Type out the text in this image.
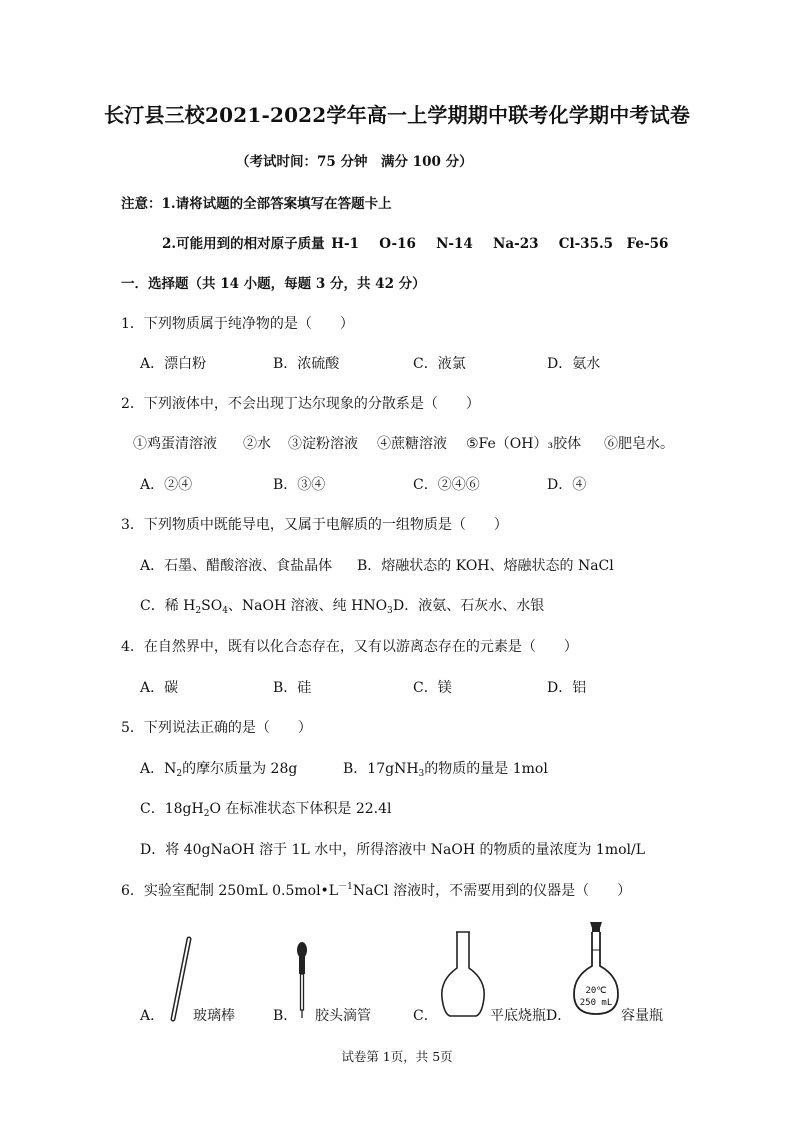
长汀县三校2021-2022学年高一上学期期中联考化学期中考试卷
（考试时间：75 分钟　满分 100 分）
注意：1.请将试题的全部答案填写在答题卡上
2.可能用到的相对原子质量 H-1　 O-16　 N-14　 Na-23　 Cl-35.5　Fe-56
一．选择题（共 14 小题，每题 3 分，共 42 分）
1．下列物质属于纯净物的是（　　）
A．漂白粉	B．浓硫酸	C．液氯	D．氨水
2．下列液体中，不会出现丁达尔现象的分散系是（　　）
①鸡蛋清溶液 ②水 ③淀粉溶液 ④蔗糖溶液 ⑤Fe（OH）₃胶体 ⑥肥皂水。
A．②④	B．③④	C．②④⑥	D．④
3．下列物质中既能导电，又属于电解质的一组物质是（　　）
A．石墨、醋酸溶液、食盐晶体 B．熔融状态的 KOH、熔融状态的 NaCl
C．稀 $H_2SO_4$、NaOH 溶液、纯 $HNO_3$ D．液氨、石灰水、水银
4．在自然界中，既有以化合态存在，又有以游离态存在的元素是（　　）
A．碳	B．硅	C．镁	D．铝
5．下列说法正确的是（　　）
A．$N_2$的摩尔质量为 28g	B．17gNH$_3$的物质的量是 1mol
C．$18gH_2O$ 在标准状态下体积是 22.4l
D．将 40gNaOH 溶于 1L 水中，所得溶液中 NaOH 的物质的量浓度为 1mol/L
6．实验室配制 250mL $0.5mol•L^{-1}NaCl$ 溶液时，不需要用到的仪器是（　　）
20℃
250 mL
A． 玻璃棒	B． 胶头滴管	C．	平底烧瓶 D．	容量瓶
试卷第 1页，共 5页
